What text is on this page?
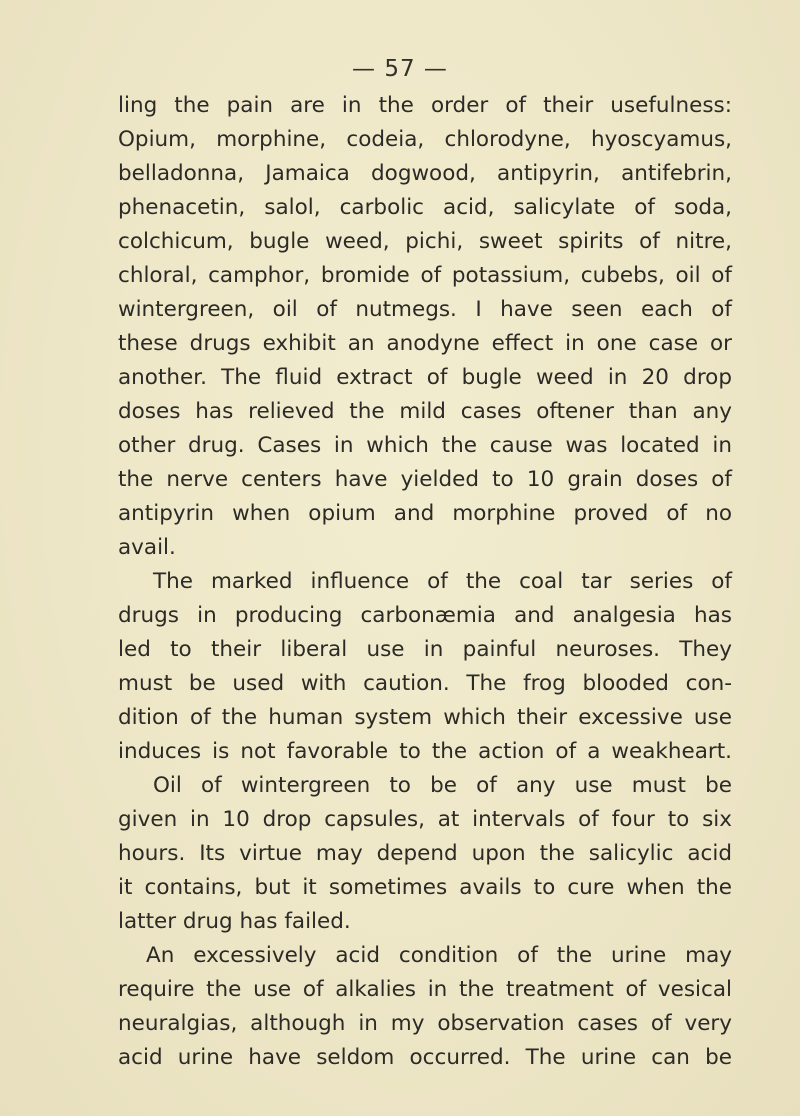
— 57 —
ling the pain are in the order of their usefulness:
Opium, morphine, codeia, chlorodyne, hyoscyamus,
belladonna, Jamaica dogwood, antipyrin, antifebrin,
phenacetin, salol, carbolic acid, salicylate of soda,
colchicum, bugle weed, pichi, sweet spirits of nitre,
chloral, camphor, bromide of potassium, cubebs, oil of
wintergreen, oil of nutmegs. I have seen each of
these drugs exhibit an anodyne effect in one case or
another. The fluid extract of bugle weed in 20 drop
doses has relieved the mild cases oftener than any
other drug. Cases in which the cause was located in
the nerve centers have yielded to 10 grain doses of
antipyrin when opium and morphine proved of no
avail.
The marked influence of the coal tar series of
drugs in producing carbonæmia and analgesia has
led to their liberal use in painful neuroses. They
must be used with caution. The frog blooded con-
dition of the human system which their excessive use
induces is not favorable to the action of a weakheart.
Oil of wintergreen to be of any use must be
given in 10 drop capsules, at intervals of four to six
hours. Its virtue may depend upon the salicylic acid
it contains, but it sometimes avails to cure when the
latter drug has failed.
An excessively acid condition of the urine may
require the use of alkalies in the treatment of vesical
neuralgias, although in my observation cases of very
acid urine have seldom occurred. The urine can be
